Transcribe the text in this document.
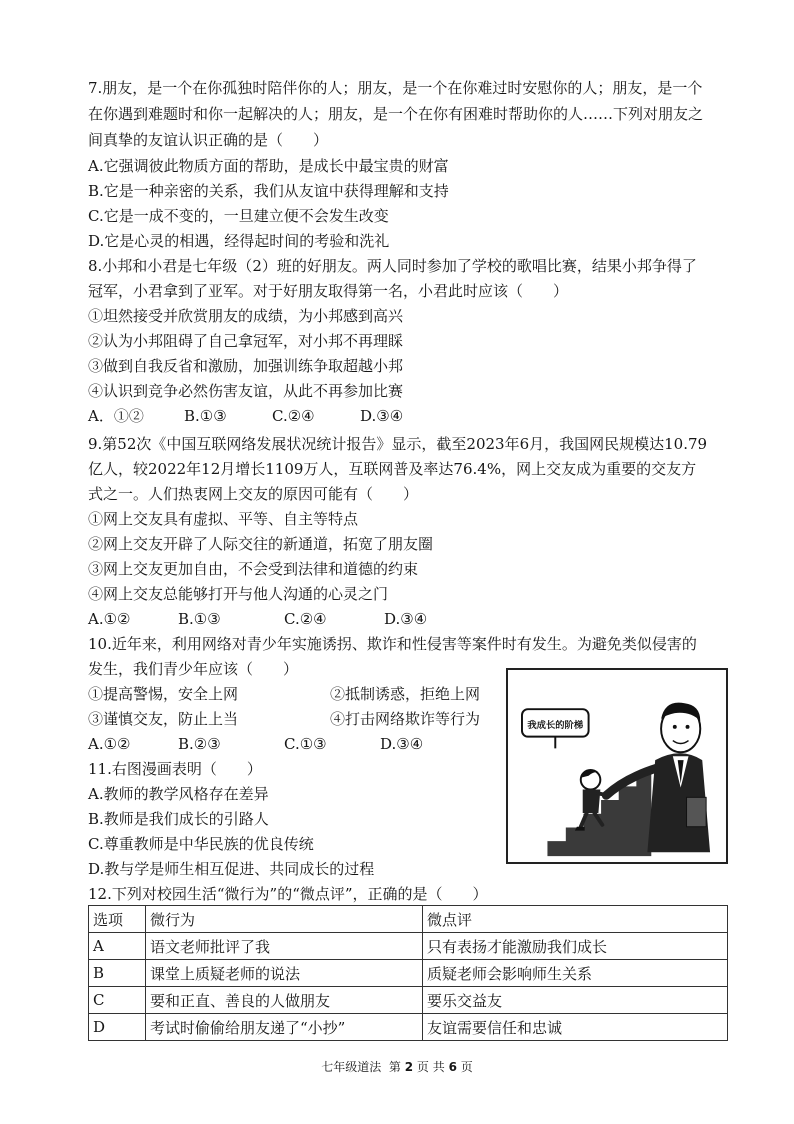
7.朋友，是一个在你孤独时陪伴你的人；朋友，是一个在你难过时安慰你的人；朋友，是一个
在你遇到难题时和你一起解决的人；朋友，是一个在你有困难时帮助你的人……下列对朋友之
间真挚的友谊认识正确的是（　　）
A.它强调彼此物质方面的帮助，是成长中最宝贵的财富
B.它是一种亲密的关系，我们从友谊中获得理解和支持
C.它是一成不变的，一旦建立便不会发生改变
D.它是心灵的相遇，经得起时间的考验和洗礼
8.小邦和小君是七年级（2）班的好朋友。两人同时参加了学校的歌唱比赛，结果小邦争得了
冠军，小君拿到了亚军。对于好朋友取得第一名，小君此时应该（　　）
①坦然接受并欣赏朋友的成绩，为小邦感到高兴
②认为小邦阻碍了自己拿冠军，对小邦不再理睬
③做到自我反省和激励，加强训练争取超越小邦
④认识到竞争必然伤害友谊，从此不再参加比赛
A．①②	B.①③	C.②④	D.③④
9.第52次《中国互联网络发展状况统计报告》显示，截至2023年6月，我国网民规模达10.79
亿人，较2022年12月增长1109万人，互联网普及率达76.4%，网上交友成为重要的交友方
式之一。人们热衷网上交友的原因可能有（　　）
①网上交友具有虚拟、平等、自主等特点
②网上交友开辟了人际交往的新通道，拓宽了朋友圈
③网上交友更加自由，不会受到法律和道德的约束
④网上交友总能够打开与他人沟通的心灵之门
A.①②	B.①③	C.②④	D.③④
10.近年来，利用网络对青少年实施诱拐、欺诈和性侵害等案件时有发生。为避免类似侵害的
发生，我们青少年应该（　　）
①提高警惕，安全上网	②抵制诱惑，拒绝上网
③谨慎交友，防止上当	④打击网络欺诈等行为
A.①②	B.②③	C.①③	D.③④
11.右图漫画表明（　　）
A.教师的教学风格存在差异
B.教师是我们成长的引路人
C.尊重教师是中华民族的优良传统
D.教与学是师生相互促进、共同成长的过程
我成长的阶梯
12.下列对校园生活“微行为”的“微点评”，正确的是（　　）
选项	微行为	微点评
A	语文老师批评了我	只有表扬才能激励我们成长
B	课堂上质疑老师的说法	质疑老师会影响师生关系
C	要和正直、善良的人做朋友	要乐交益友
D	考试时偷偷给朋友递了“小抄”	友谊需要信任和忠诚
七年级道法 第 2 页 共 6 页
